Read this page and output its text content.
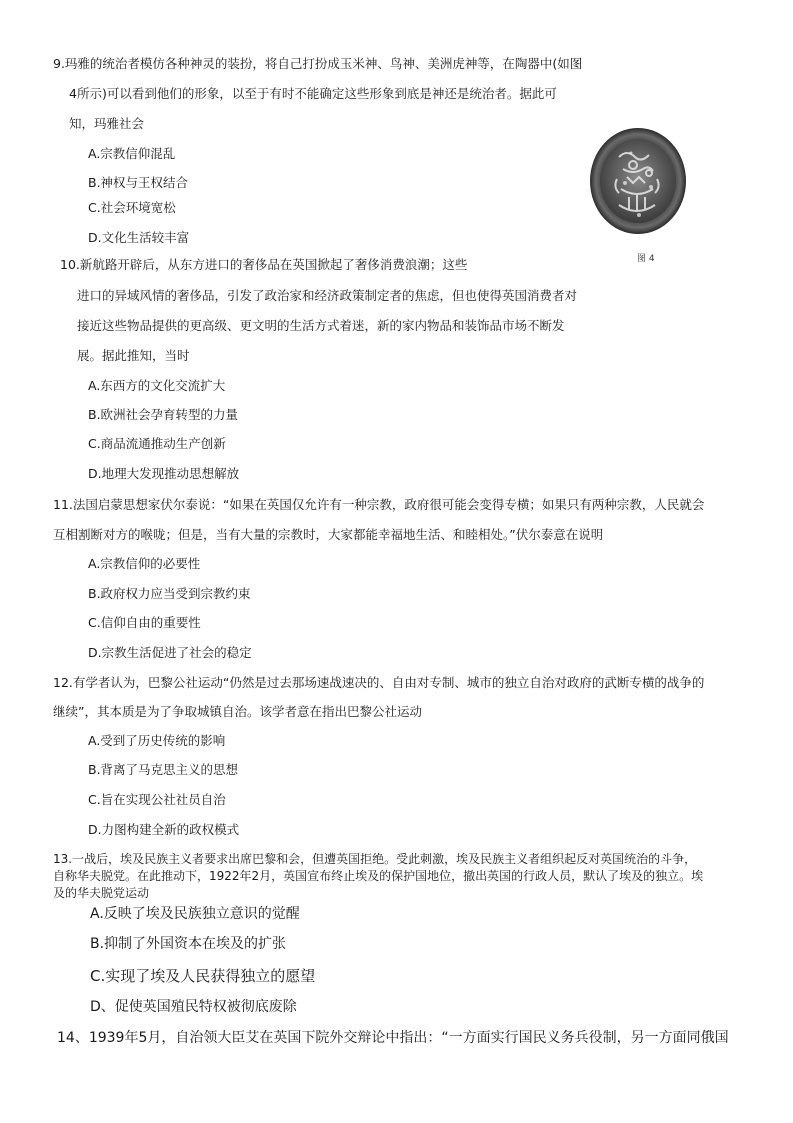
9.玛雅的统治者模仿各种神灵的装扮，将自己打扮成玉米神、鸟神、美洲虎神等，在陶器中(如图
4所示)可以看到他们的形象，以至于有时不能确定这些形象到底是神还是统治者。据此可
知，玛雅社会
A.宗教信仰混乱
B.神权与王权结合
C.社会环境宽松
D.文化生活较丰富
图 4
10.新航路开辟后，从东方进口的奢侈品在英国掀起了奢侈消费浪潮；这些
进口的异域风情的奢侈品，引发了政治家和经济政策制定者的焦虑，但也使得英国消费者对
接近这些物品提供的更高级、更文明的生活方式着迷，新的家内物品和装饰品市场不断发
展。据此推知，当时
A.东西方的文化交流扩大
B.欧洲社会孕育转型的力量
C.商品流通推动生产创新
D.地理大发现推动思想解放
11.法国启蒙思想家伏尔泰说：“如果在英国仅允许有一种宗教，政府很可能会变得专横；如果只有两种宗教，人民就会
互相割断对方的喉咙；但是，当有大量的宗教时，大家都能幸福地生活、和睦相处。”伏尔泰意在说明
A.宗教信仰的必要性
B.政府权力应当受到宗教约束
C.信仰自由的重要性
D.宗教生活促进了社会的稳定
12.有学者认为，巴黎公社运动“仍然是过去那场速战速决的、自由对专制、城市的独立自治对政府的武断专横的战争的
继续”，其本质是为了争取城镇自治。该学者意在指出巴黎公社运动
A.受到了历史传统的影响
B.背离了马克思主义的思想
C.旨在实现公社社员自治
D.力图构建全新的政权模式
13.一战后，埃及民族主义者要求出席巴黎和会，但遭英国拒绝。受此刺激，埃及民族主义者组织起反对英国统治的斗争，
自称华夫脱党。在此推动下，1922年2月，英国宣布终止埃及的保护国地位，撤出英国的行政人员，默认了埃及的独立。埃
及的华夫脱党运动
A.反映了埃及民族独立意识的觉醒
B.抑制了外国资本在埃及的扩张
C.实现了埃及人民获得独立的愿望
D、促使英国殖民特权被彻底废除
14、1939年5月，自治领大臣艾在英国下院外交辩论中指出：“一方面实行国民义务兵役制，另一方面同俄国
